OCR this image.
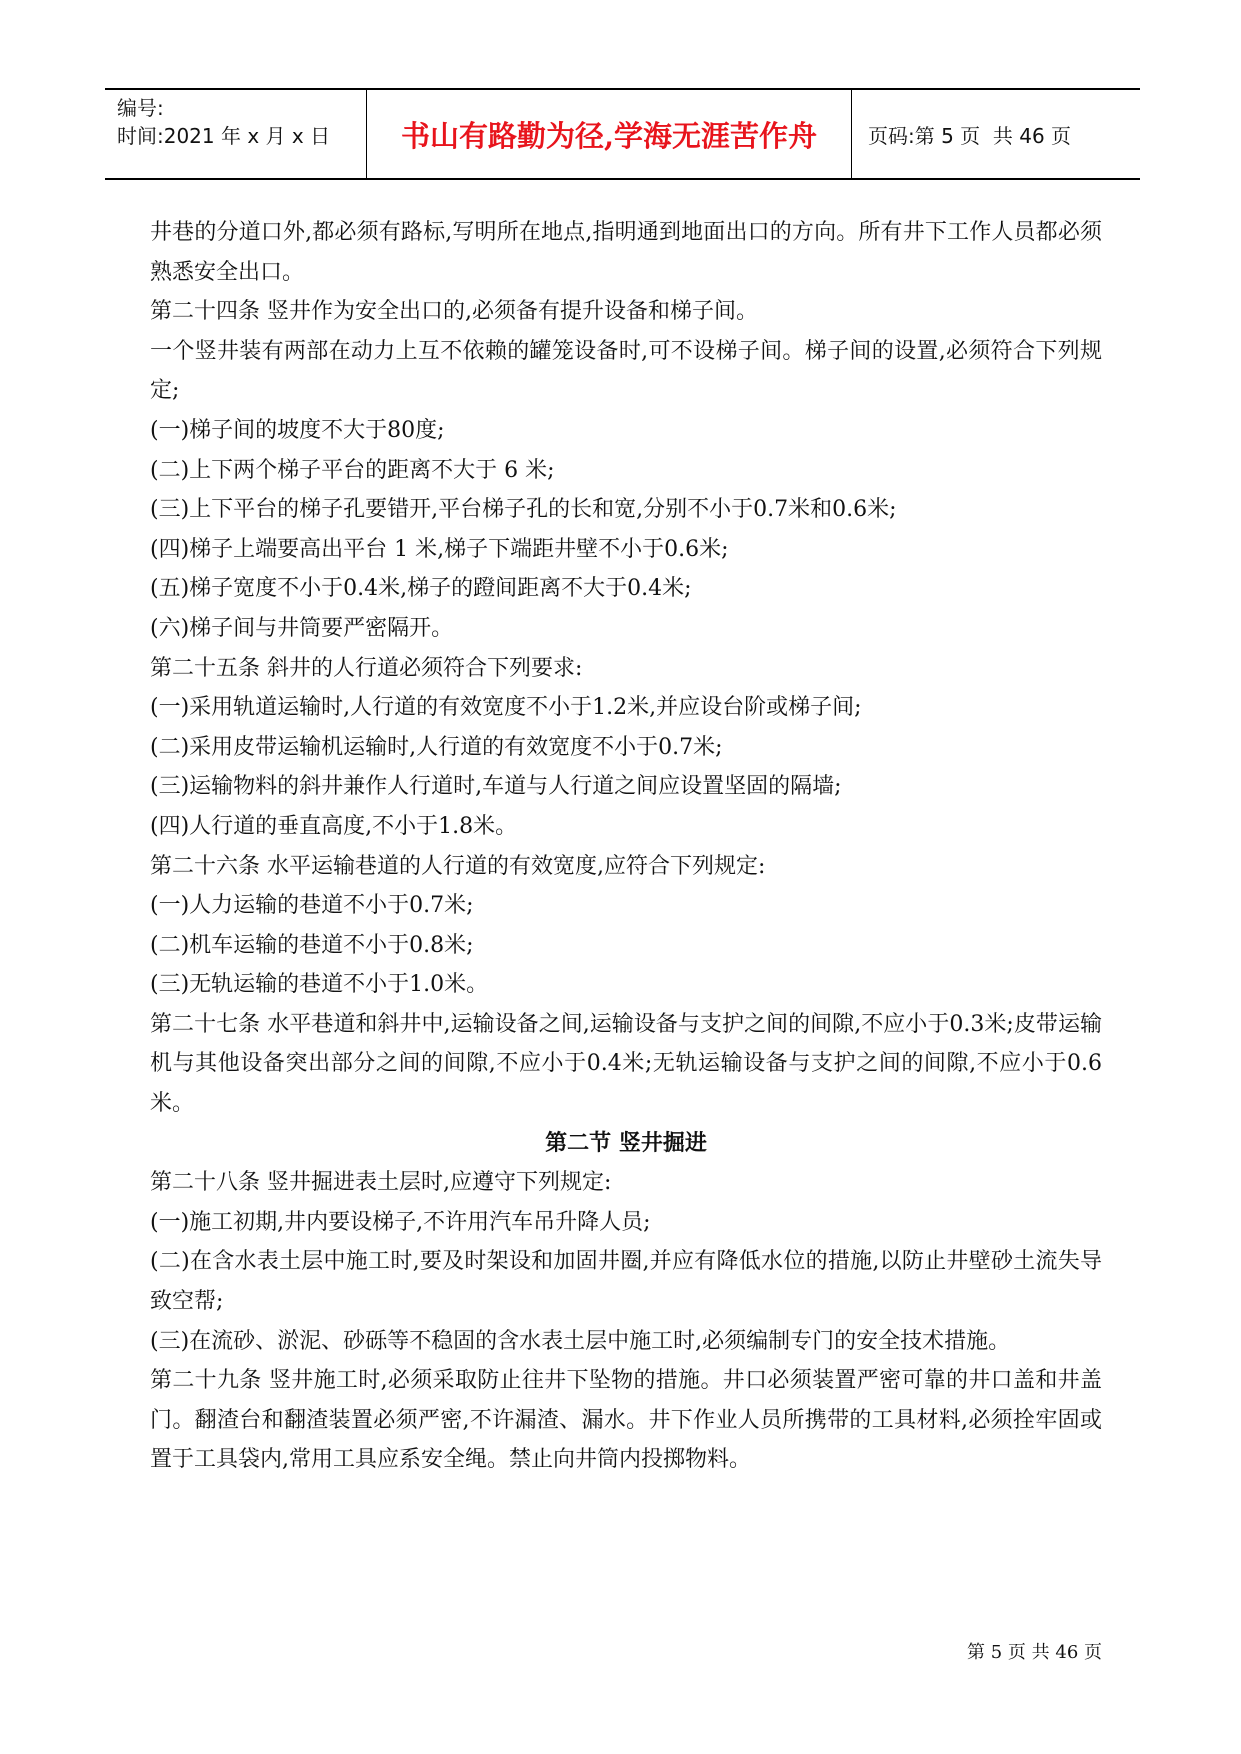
编号:
时间:2021 年 x 月 x 日	书山有路勤为径,学海无涯苦作舟	页码:第 5 页  共 46 页

井巷的分道口外,都必须有路标,写明所在地点,指明通到地面出口的方向。所有井下工作人员都必须熟悉安全出口。

第二十四条 竖井作为安全出口的,必须备有提升设备和梯子间。

一个竖井装有两部在动力上互不依赖的罐笼设备时,可不设梯子间。梯子间的设置,必须符合下列规定;

(一)梯子间的坡度不大于80度;

(二)上下两个梯子平台的距离不大于 6 米;

(三)上下平台的梯子孔要错开,平台梯子孔的长和宽,分别不小于0.7米和0.6米;

(四)梯子上端要高出平台 1 米,梯子下端距井壁不小于0.6米;

(五)梯子宽度不小于0.4米,梯子的蹬间距离不大于0.4米;

(六)梯子间与井筒要严密隔开。

第二十五条 斜井的人行道必须符合下列要求:

(一)采用轨道运输时,人行道的有效宽度不小于1.2米,并应设台阶或梯子间;

(二)采用皮带运输机运输时,人行道的有效宽度不小于0.7米;

(三)运输物料的斜井兼作人行道时,车道与人行道之间应设置坚固的隔墙;

(四)人行道的垂直高度,不小于1.8米。

第二十六条 水平运输巷道的人行道的有效宽度,应符合下列规定:

(一)人力运输的巷道不小于0.7米;

(二)机车运输的巷道不小于0.8米;

(三)无轨运输的巷道不小于1.0米。

第二十七条 水平巷道和斜井中,运输设备之间,运输设备与支护之间的间隙,不应小于0.3米;皮带运输机与其他设备突出部分之间的间隙,不应小于0.4米;无轨运输设备与支护之间的间隙,不应小于0.6米。

第二节 竖井掘进

第二十八条 竖井掘进表土层时,应遵守下列规定:

(一)施工初期,井内要设梯子,不许用汽车吊升降人员;

(二)在含水表土层中施工时,要及时架设和加固井圈,并应有降低水位的措施,以防止井壁砂土流失导致空帮;

(三)在流砂、淤泥、砂砾等不稳固的含水表土层中施工时,必须编制专门的安全技术措施。

第二十九条 竖井施工时,必须采取防止往井下坠物的措施。井口必须装置严密可靠的井口盖和井盖门。翻渣台和翻渣装置必须严密,不许漏渣、漏水。井下作业人员所携带的工具材料,必须拴牢固或置于工具袋内,常用工具应系安全绳。禁止向井筒内投掷物料。

第 5 页 共 46 页
